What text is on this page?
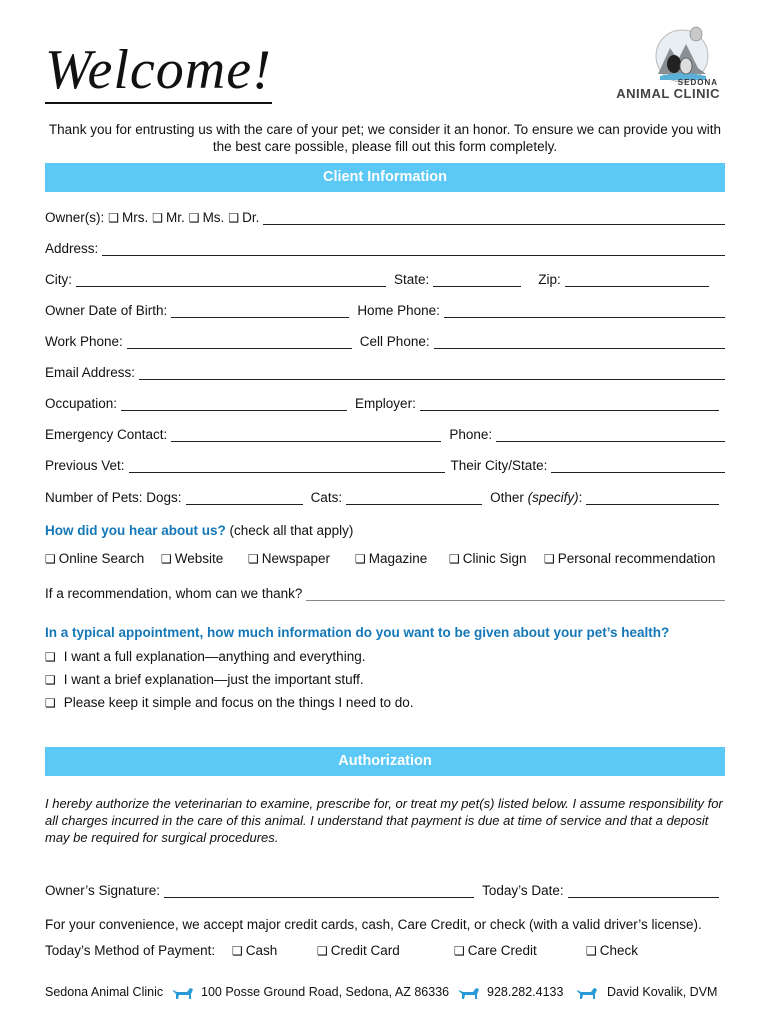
Welcome!	SEDONA
ANIMAL CLINIC
Thank you for entrusting us with the care of your pet; we consider it an honor. To ensure we can provide you with the best care possible, please fill out this form completely.
Client Information
Owner(s): ❑ Mrs. ❑ Mr. ❑ Ms. ❑ Dr.
Address:
City:	State:	Zip:
Owner Date of Birth:	Home Phone:
Work Phone:	Cell Phone:
Email Address:
Occupation:	Employer:
Emergency Contact:	Phone:
Previous Vet:	Their City/State:
Number of Pets: Dogs:	Cats:	Other (specify):
How did you hear about us? (check all that apply)
❑ Online Search ❑ Website ❑ Newspaper ❑ Magazine ❑ Clinic Sign ❑ Personal recommendation
If a recommendation, whom can we thank?
In a typical appointment, how much information do you want to be given about your pet’s health?
❑ I want a full explanation—anything and everything.
❑ I want a brief explanation—just the important stuff.
❑ Please keep it simple and focus on the things I need to do.
Authorization
I hereby authorize the veterinarian to examine, prescribe for, or treat my pet(s) listed below. I assume responsibility for all charges incurred in the care of this animal. I understand that payment is due at time of service and that a deposit may be required for surgical procedures.
Owner’s Signature:	Today’s Date:
For your convenience, we accept major credit cards, cash, Care Credit, or check (with a valid driver’s license).
Today’s Method of Payment: ❑ Cash	❑ Credit Card	❑ Care Credit	❑ Check
Sedona Animal Clinic	100 Posse Ground Road, Sedona, AZ 86336	928.282.4133	David Kovalik, DVM
